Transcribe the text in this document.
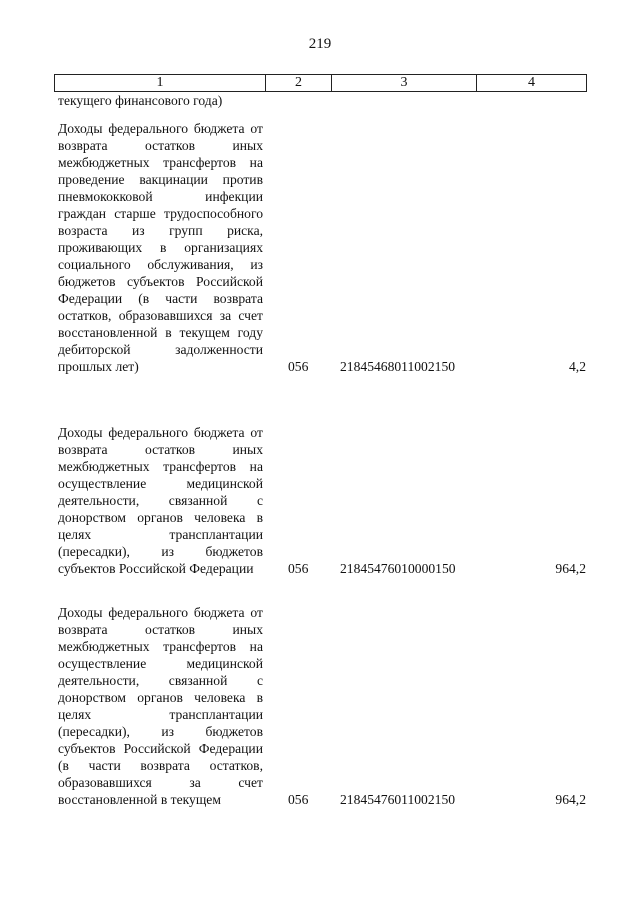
219
1	2	3	4
текущего финансового года)
Доходы федерального бюджета от возврата остатков иных межбюджетных трансфертов на проведение вакцинации против пневмококковой инфекции граждан старше трудоспособного возраста из групп риска, проживающих в организациях социального обслуживания, из бюджетов субъектов Российской Федерации (в части возврата остатков, образовавшихся за счет восстановленной в текущем году дебиторской задолженности прошлых лет)	056 21845468011002150	4,2
Доходы федерального бюджета от возврата остатков иных межбюджетных трансфертов на осуществление медицинской деятельности, связанной с донорством органов человека в целях трансплантации (пересадки), из бюджетов субъектов Российской Федерации	056 21845476010000150	964,2
Доходы федерального бюджета от возврата остатков иных межбюджетных трансфертов на осуществление медицинской деятельности, связанной с донорством органов человека в целях трансплантации (пересадки), из бюджетов субъектов Российской Федерации (в части возврата остатков, образовавшихся за счет восстановленной в текущем	056 21845476011002150	964,2
